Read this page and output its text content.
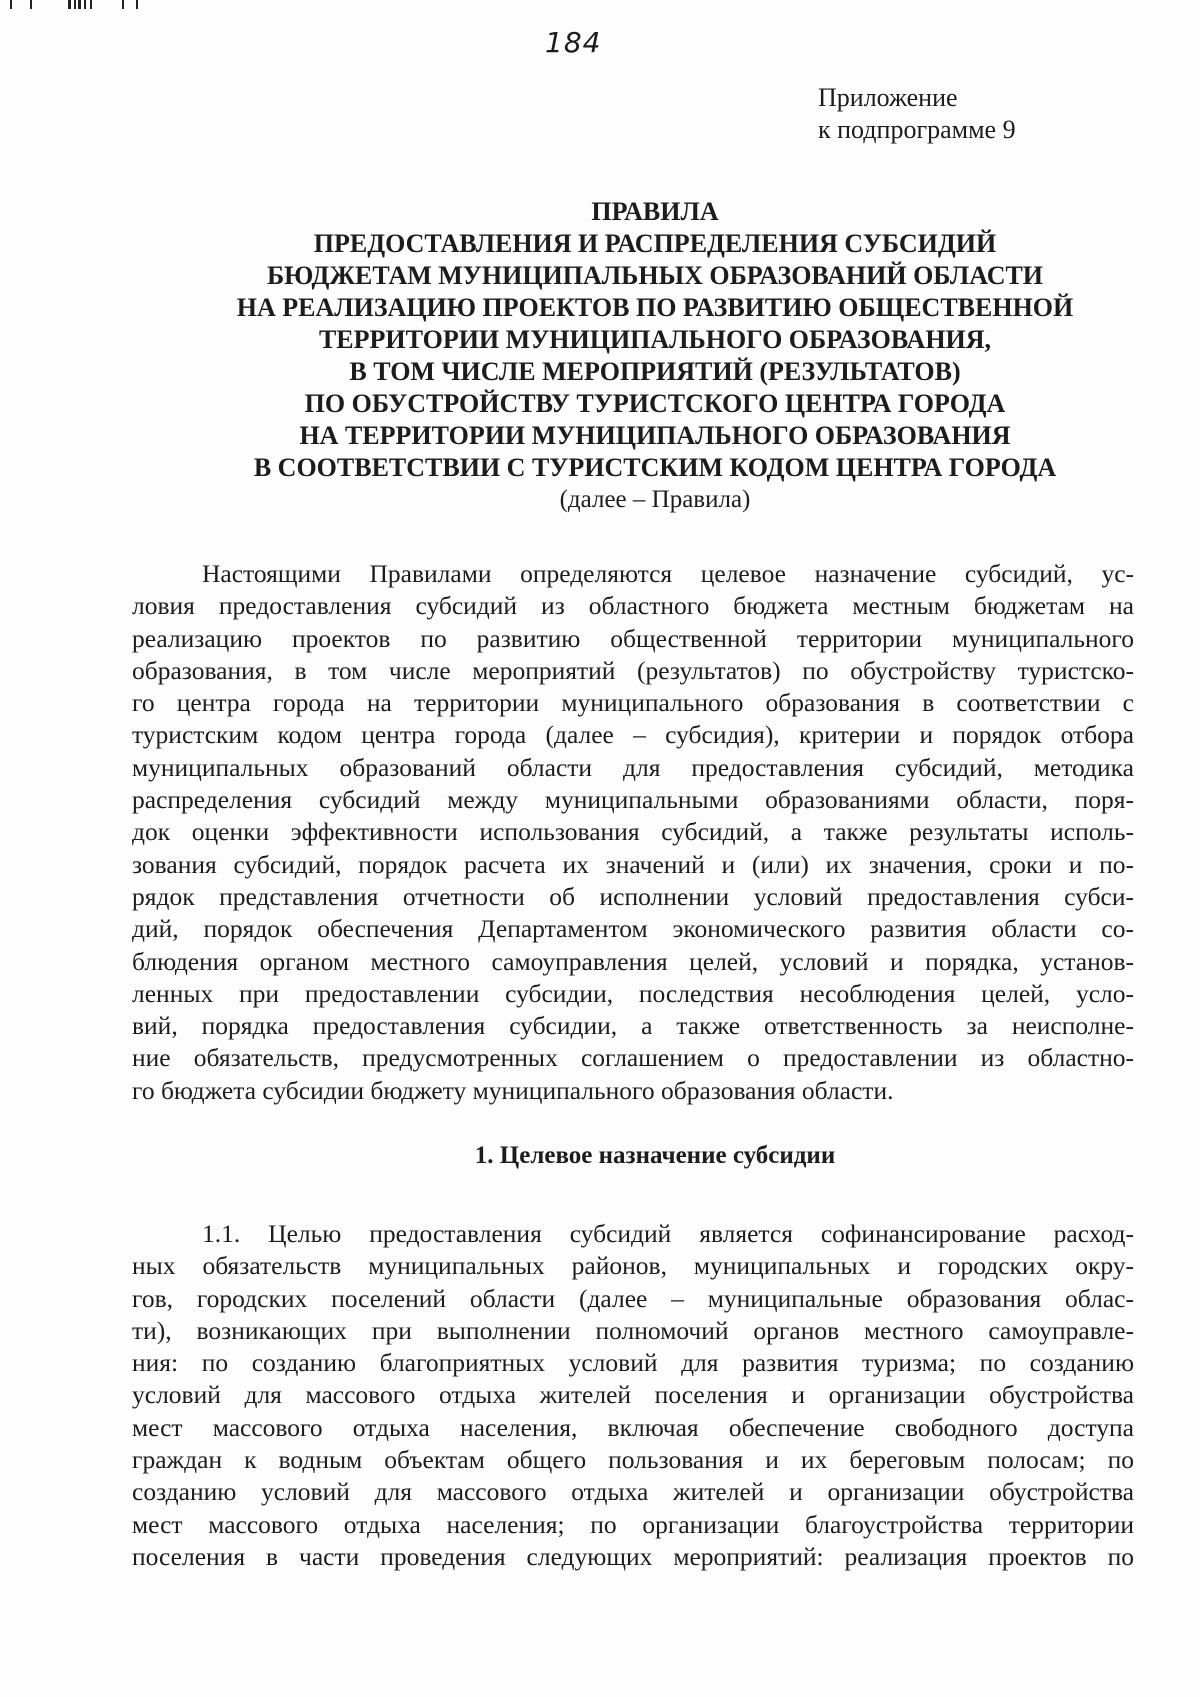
184
Приложение
к подпрограмме 9
ПРАВИЛА
ПРЕДОСТАВЛЕНИЯ И РАСПРЕДЕЛЕНИЯ СУБСИДИЙ
БЮДЖЕТАМ МУНИЦИПАЛЬНЫХ ОБРАЗОВАНИЙ ОБЛАСТИ
НА РЕАЛИЗАЦИЮ ПРОЕКТОВ ПО РАЗВИТИЮ ОБЩЕСТВЕННОЙ
ТЕРРИТОРИИ МУНИЦИПАЛЬНОГО ОБРАЗОВАНИЯ,
В ТОМ ЧИСЛЕ МЕРОПРИЯТИЙ (РЕЗУЛЬТАТОВ)
ПО ОБУСТРОЙСТВУ ТУРИСТСКОГО ЦЕНТРА ГОРОДА
НА ТЕРРИТОРИИ МУНИЦИПАЛЬНОГО ОБРАЗОВАНИЯ
В СООТВЕТСТВИИ С ТУРИСТСКИМ КОДОМ ЦЕНТРА ГОРОДА
(далее – Правила)
Настоящими Правилами определяются целевое назначение субсидий, ус-
ловия предоставления субсидий из областного бюджета местным бюджетам на
реализацию проектов по развитию общественной территории муниципального
образования, в том числе мероприятий (результатов) по обустройству туристско-
го центра города на территории муниципального образования в соответствии с
туристским кодом центра города (далее – субсидия), критерии и порядок отбора
муниципальных образований области для предоставления субсидий, методика
распределения субсидий между муниципальными образованиями области, поря-
док оценки эффективности использования субсидий, а также результаты исполь-
зования субсидий, порядок расчета их значений и (или) их значения, сроки и по-
рядок представления отчетности об исполнении условий предоставления субси-
дий, порядок обеспечения Департаментом экономического развития области со-
блюдения органом местного самоуправления целей, условий и порядка, установ-
ленных при предоставлении субсидии, последствия несоблюдения целей, усло-
вий, порядка предоставления субсидии, а также ответственность за неисполне-
ние обязательств, предусмотренных соглашением о предоставлении из областно-
го бюджета субсидии бюджету муниципального образования области.
1. Целевое назначение субсидии
1.1. Целью предоставления субсидий является софинансирование расход-
ных обязательств муниципальных районов, муниципальных и городских окру-
гов, городских поселений области (далее – муниципальные образования облас-
ти), возникающих при выполнении полномочий органов местного самоуправле-
ния: по созданию благоприятных условий для развития туризма; по созданию
условий для массового отдыха жителей поселения и организации обустройства
мест массового отдыха населения, включая обеспечение свободного доступа
граждан к водным объектам общего пользования и их береговым полосам; по
созданию условий для массового отдыха жителей и организации обустройства
мест массового отдыха населения; по организации благоустройства территории
поселения в части проведения следующих мероприятий: реализация проектов по
